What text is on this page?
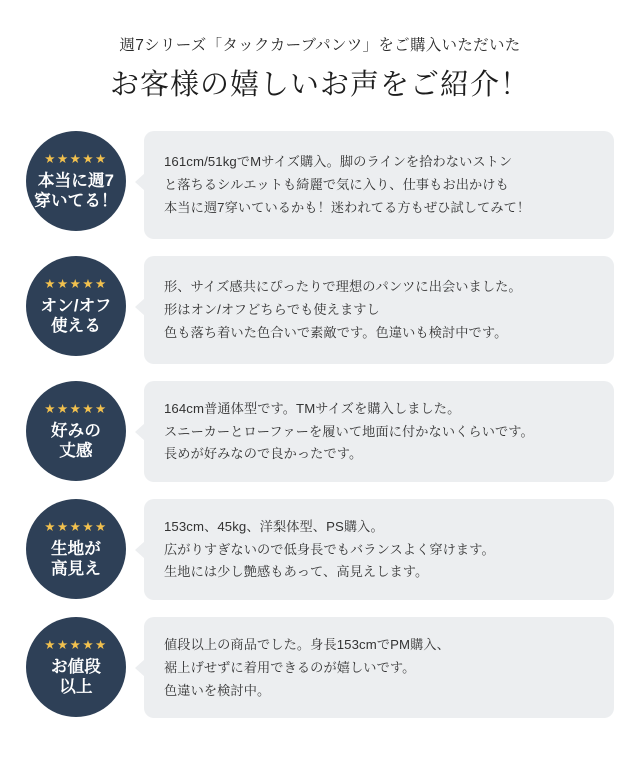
週7シリーズ「タックカーブパンツ」をご購入いただいた
お客様の嬉しいお声をご紹介！
★★★★★
本当に週7
穿いてる！
161cm/51kgでMサイズ購入。脚のラインを拾わないストン
と落ちるシルエットも綺麗で気に入り、仕事もお出かけも
本当に週7穿いているかも！迷われてる方もぜひ試してみて！
★★★★★
オン/オフ
使える
形、サイズ感共にぴったりで理想のパンツに出会いました。
形はオン/オフどちらでも使えますし
色も落ち着いた色合いで素敵です。色違いも検討中です。
★★★★★
好みの
丈感
164cm普通体型です。TMサイズを購入しました。
スニーカーとローファーを履いて地面に付かないくらいです。
長めが好みなので良かったです。
★★★★★
生地が
高見え
153cm、45kg、洋梨体型、PS購入。
広がりすぎないので低身長でもバランスよく穿けます。
生地には少し艶感もあって、高見えします。
★★★★★
お値段
以上
値段以上の商品でした。身長153cmでPM購入、
裾上げせずに着用できるのが嬉しいです。
色違いを検討中。
